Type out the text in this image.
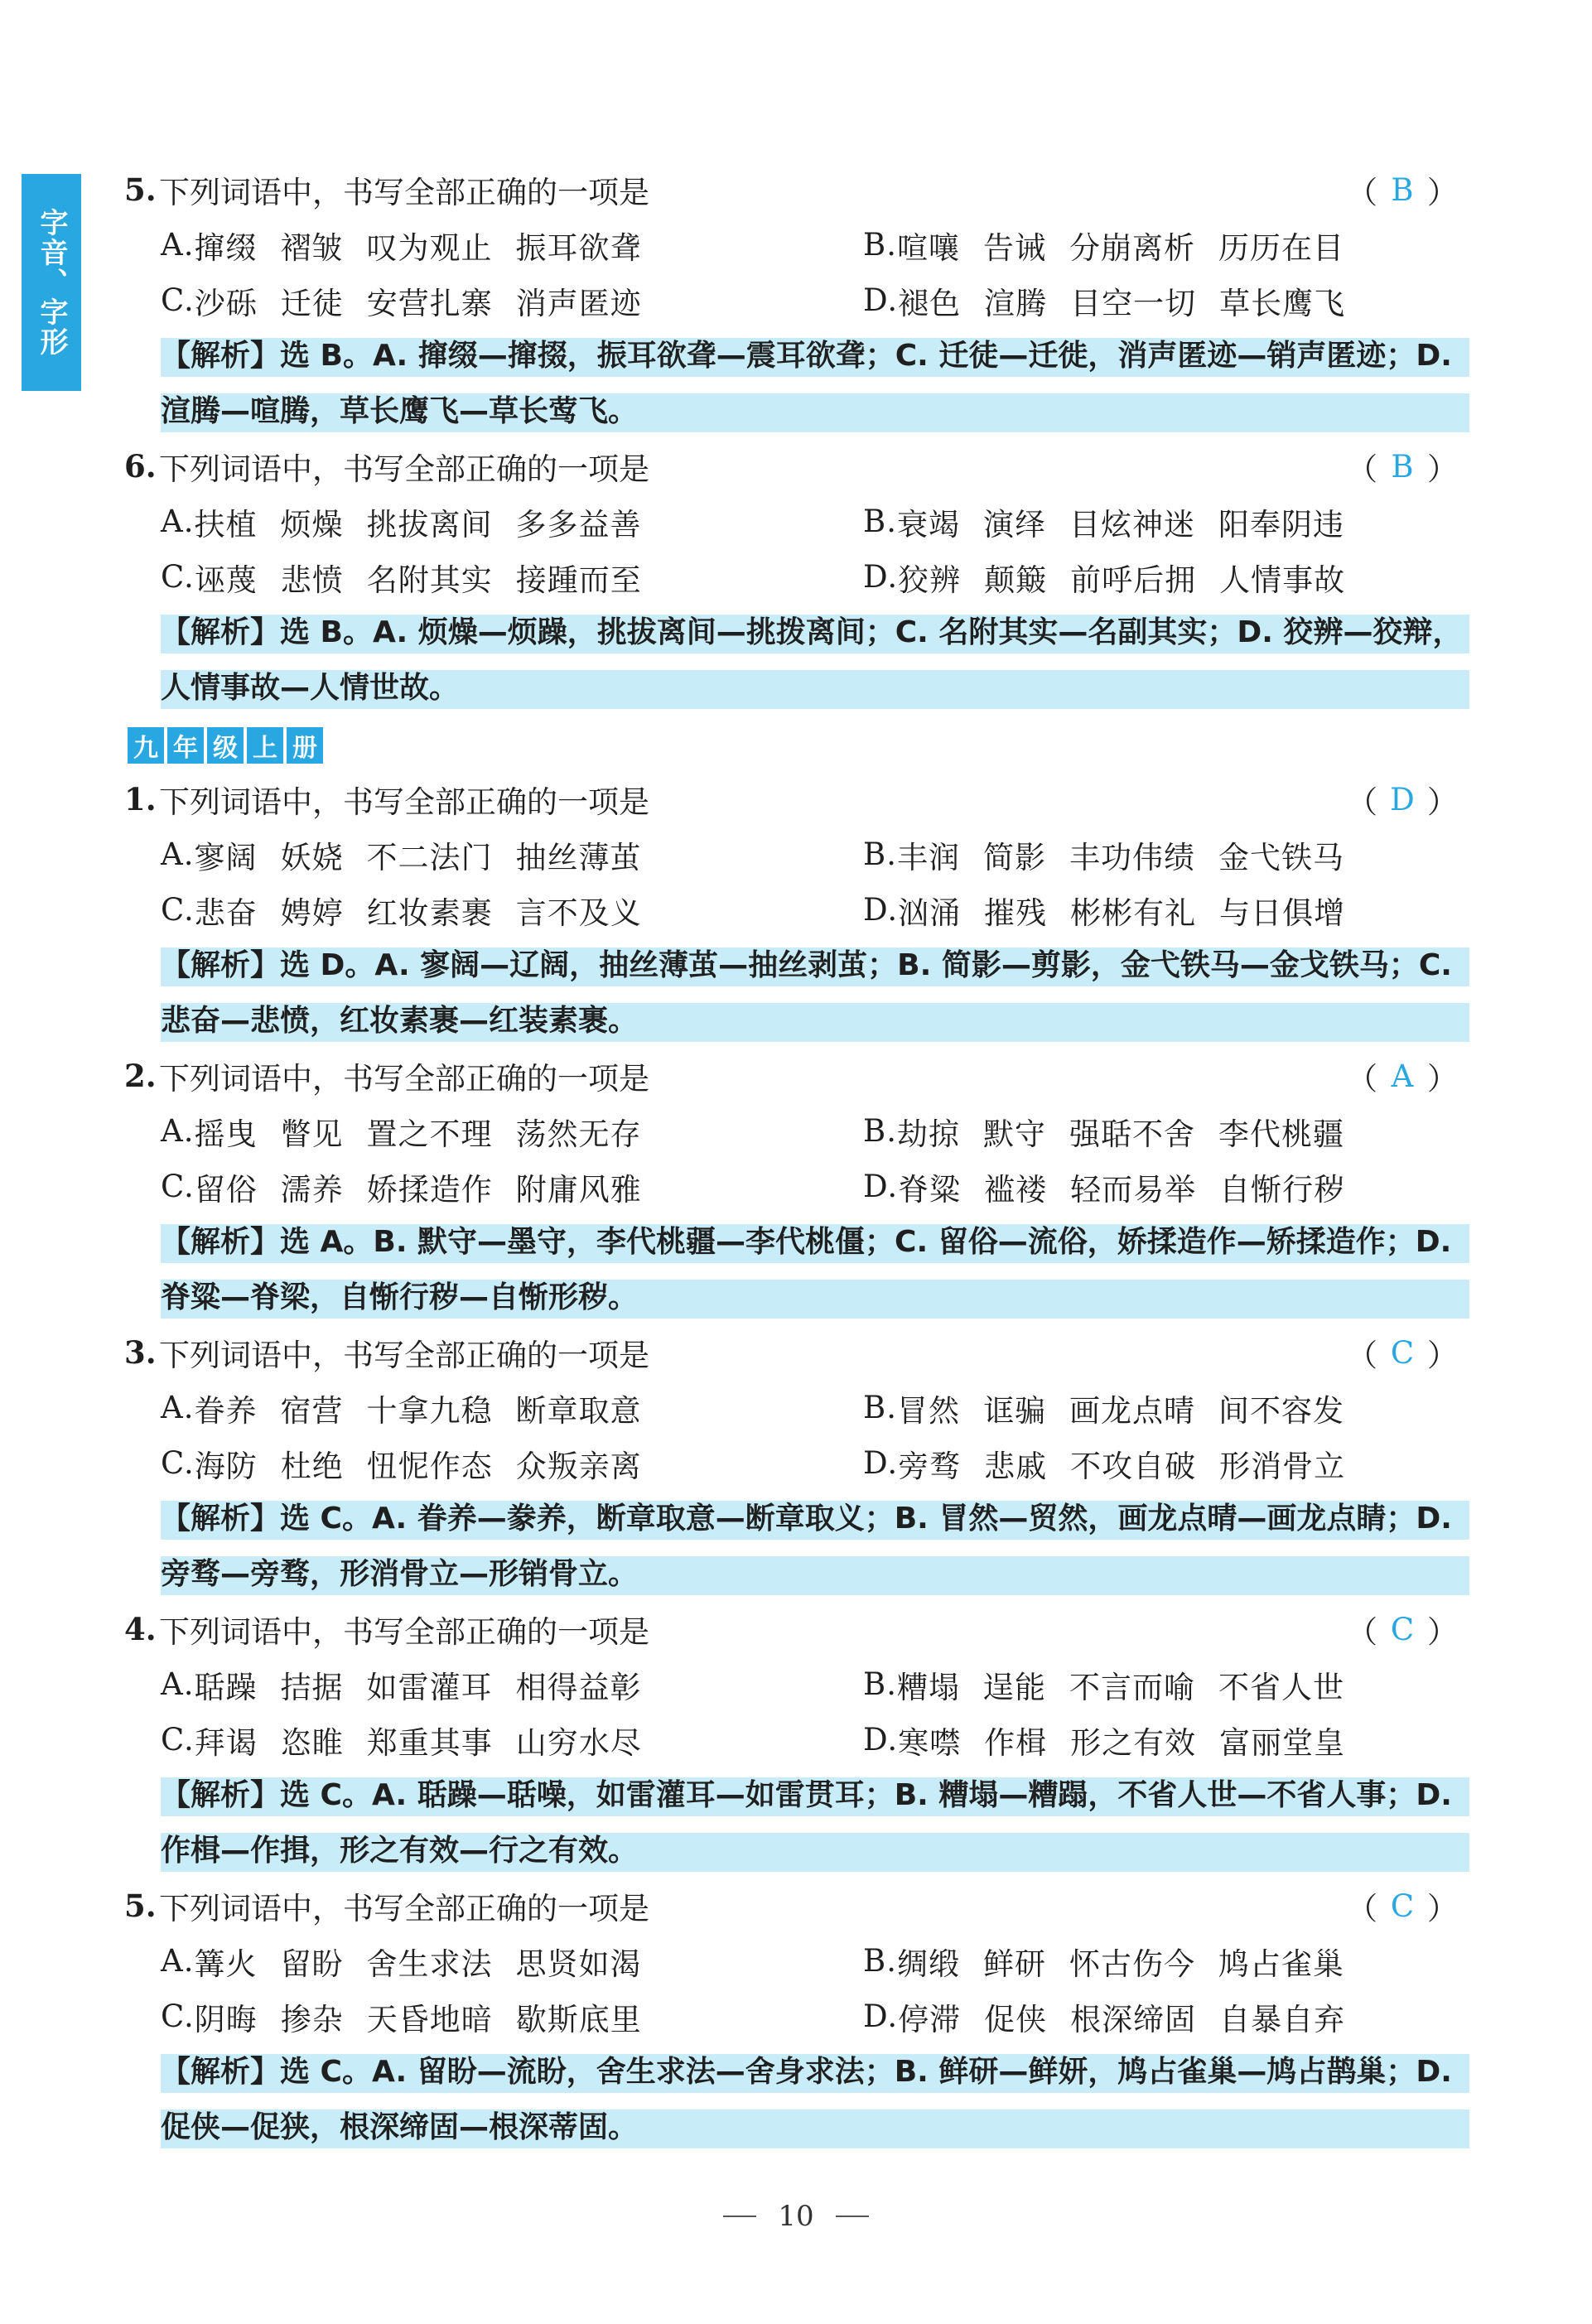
字音、字形
5. 下列词语中，书写全部正确的一项是	（ B ）
A. 撺缀 褶皱 叹为观止 振耳欲聋	B. 喧嚷 告诫 分崩离析 历历在目
C. 沙砾 迁徒 安营扎寨 消声匿迹	D. 褪色 渲腾 目空一切 草长鹰飞
【解析】选 B。A. 撺缀—撺掇，振耳欲聋—震耳欲聋；C. 迁徒—迁徙，消声匿迹—销声匿迹；D. 渲腾—喧腾，草长鹰飞—草长莺飞。
6. 下列词语中，书写全部正确的一项是	（ B ）
A. 扶植 烦燥 挑拔离间 多多益善	B. 衰竭 演绎 目炫神迷 阳奉阴违
C. 诬蔑 悲愤 名附其实 接踵而至	D. 狡辨 颠簸 前呼后拥 人情事故
【解析】选 B。A. 烦燥—烦躁，挑拔离间—挑拨离间；C. 名附其实—名副其实；D. 狡辨—狡辩，人情事故—人情世故。
九 年 级 上 册
1. 下列词语中，书写全部正确的一项是	（ D ）
A. 寥阔 妖娆 不二法门 抽丝薄茧	B. 丰润 简影 丰功伟绩 金弋铁马
C. 悲奋 娉婷 红妆素裹 言不及义	D. 汹涌 摧残 彬彬有礼 与日俱增
【解析】选 D。A. 寥阔—辽阔，抽丝薄茧—抽丝剥茧；B. 简影—剪影，金弋铁马—金戈铁马；C. 悲奋—悲愤，红妆素裹—红装素裹。
2. 下列词语中，书写全部正确的一项是	（ A ）
A. 摇曳 瞥见 置之不理 荡然无存	B. 劫掠 默守 强聒不舍 李代桃疆
C. 留俗 濡养 娇揉造作 附庸风雅	D. 脊粱 褴褛 轻而易举 自惭行秽
【解析】选 A。B. 默守—墨守，李代桃疆—李代桃僵；C. 留俗—流俗，娇揉造作—矫揉造作；D. 脊粱—脊梁，自惭行秽—自惭形秽。
3. 下列词语中，书写全部正确的一项是	（ C ）
A. 眷养 宿营 十拿九稳 断章取意	B. 冒然 诓骗 画龙点晴 间不容发
C. 海防 杜绝 忸怩作态 众叛亲离	D. 旁骛 悲戚 不攻自破 形消骨立
【解析】选 C。A. 眷养—豢养，断章取意—断章取义；B. 冒然—贸然，画龙点晴—画龙点睛；D. 旁骛—旁骛，形消骨立—形销骨立。
4. 下列词语中，书写全部正确的一项是	（ C ）
A. 聒躁 拮据 如雷灌耳 相得益彰	B. 糟塌 逞能 不言而喻 不省人世
C. 拜谒 恣睢 郑重其事 山穷水尽	D. 寒噤 作楫 形之有效 富丽堂皇
【解析】选 C。A. 聒躁—聒噪，如雷灌耳—如雷贯耳；B. 糟塌—糟蹋，不省人世—不省人事；D. 作楫—作揖，形之有效—行之有效。
5. 下列词语中，书写全部正确的一项是	（ C ）
A. 篝火 留盼 舍生求法 思贤如渴	B. 绸缎 鲜研 怀古伤今 鸠占雀巢
C. 阴晦 掺杂 天昏地暗 歇斯底里	D. 停滞 促侠 根深缔固 自暴自弃
【解析】选 C。A. 留盼—流盼，舍生求法—舍身求法；B. 鲜研—鲜妍，鸠占雀巢—鸠占鹊巢；D. 促侠—促狭，根深缔固—根深蒂固。
10
